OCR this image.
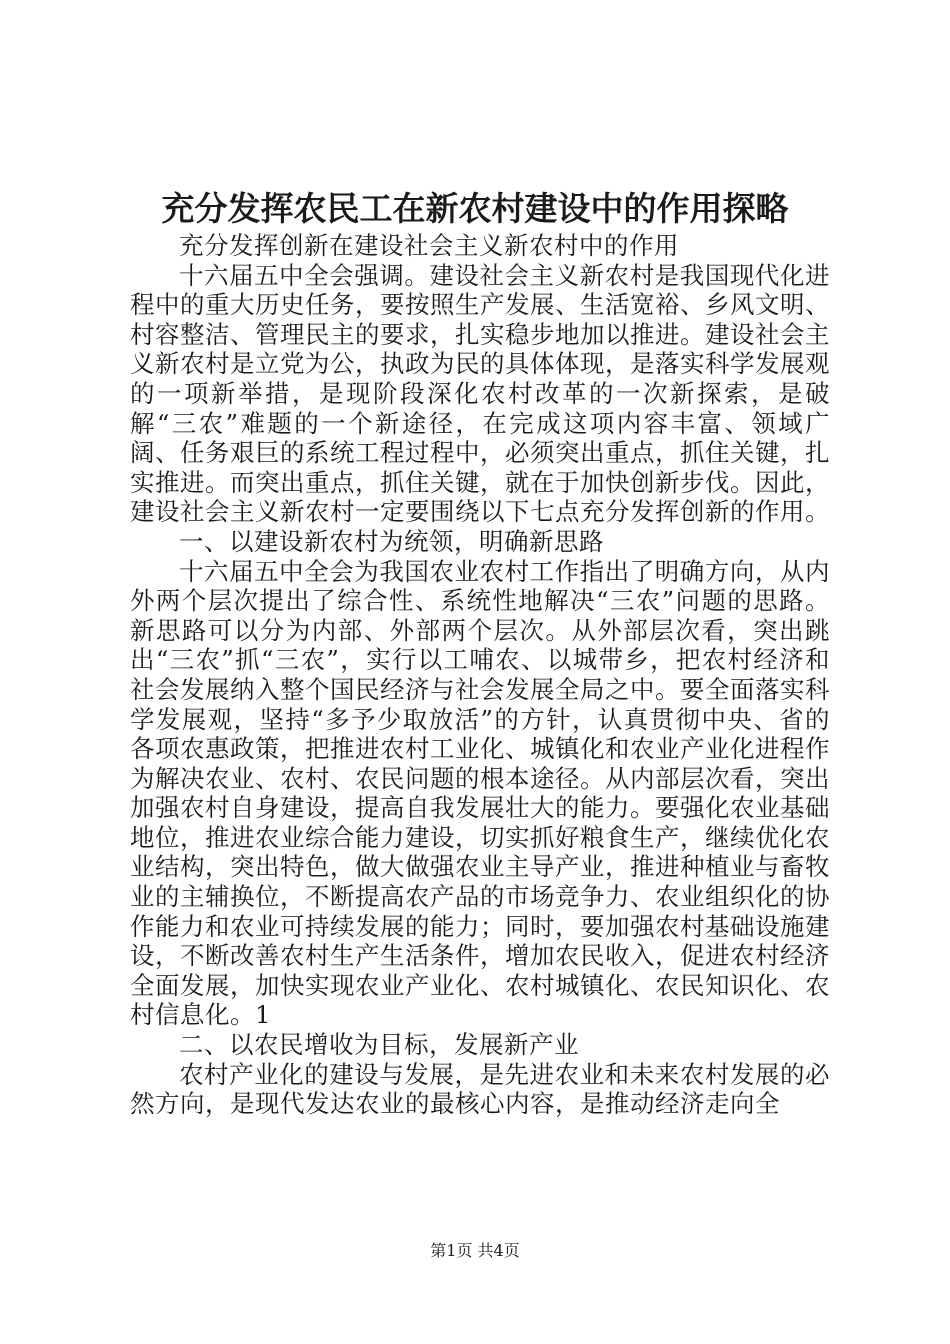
充分发挥农民工在新农村建设中的作用探略

充分发挥创新在建设社会主义新农村中的作用

十六届五中全会强调。建设社会主义新农村是我国现代化进程中的重大历史任务，要按照生产发展、生活宽裕、乡风文明、村容整洁、管理民主的要求，扎实稳步地加以推进。建设社会主义新农村是立党为公，执政为民的具体体现，是落实科学发展观的一项新举措，是现阶段深化农村改革的一次新探索，是破解“三农”难题的一个新途径，在完成这项内容丰富、领域广阔、任务艰巨的系统工程过程中，必须突出重点，抓住关键，扎实推进。而突出重点，抓住关键，就在于加快创新步伐。因此，建设社会主义新农村一定要围绕以下七点充分发挥创新的作用。

一、以建设新农村为统领，明确新思路

十六届五中全会为我国农业农村工作指出了明确方向，从内外两个层次提出了综合性、系统性地解决“三农”问题的思路。新思路可以分为内部、外部两个层次。从外部层次看，突出跳出“三农”抓“三农”，实行以工哺农、以城带乡，把农村经济和社会发展纳入整个国民经济与社会发展全局之中。要全面落实科学发展观，坚持“多予少取放活”的方针，认真贯彻中央、省的各项农惠政策，把推进农村工业化、城镇化和农业产业化进程作为解决农业、农村、农民问题的根本途径。从内部层次看，突出加强农村自身建设，提高自我发展壮大的能力。要强化农业基础地位，推进农业综合能力建设，切实抓好粮食生产，继续优化农业结构，突出特色，做大做强农业主导产业，推进种植业与畜牧业的主辅换位，不断提高农产品的市场竞争力、农业组织化的协作能力和农业可持续发展的能力；同时，要加强农村基础设施建设，不断改善农村生产生活条件，增加农民收入，促进农村经济全面发展，加快实现农业产业化、农村城镇化、农民知识化、农村信息化。1

二、以农民增收为目标，发展新产业

农村产业化的建设与发展，是先进农业和未来农村发展的必然方向，是现代发达农业的最核心内容，是推动经济走向全

第1页 共4页
